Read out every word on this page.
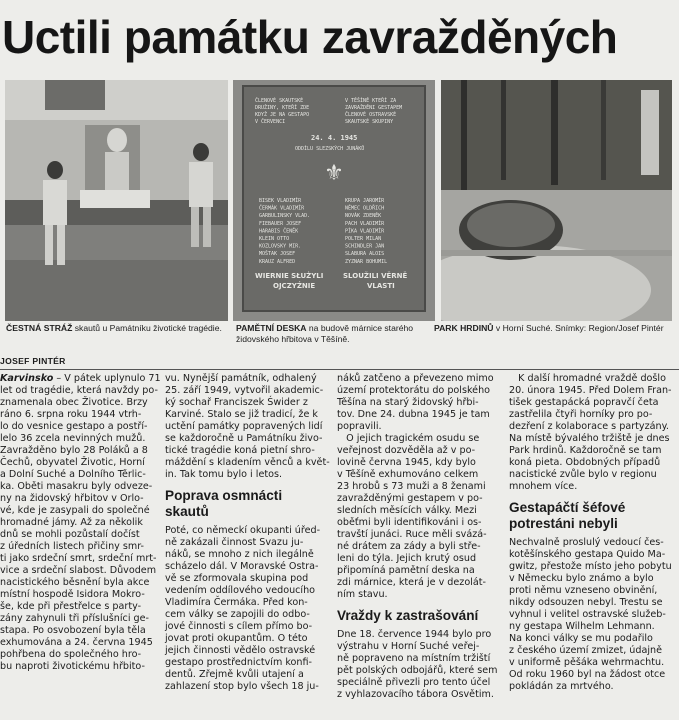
Uctili památku zavražděných
ČLENOVÉ SKAUTSKÉ	V TĚŠÍNĚ KTEŘÍ ZA
DRUŽINY, KTEŘÍ ZDE	ZAVRAŽDĚNI GESTAPEM
KDYŽ JE NA GESTAPO	ČLENOVÉ OSTRAVSKÉ
V ČERVENCI	SKAUTSKÉ SKUPINY
24. 4. 1945
ODDÍLU SLEZSKÝCH JUNÁKŮ
⚜
BISEK VLADIMÍR
ČERMÁK VLADIMÍR
GARBULINSKY VLAD.
FIEBAUER JOSEF
HARABIS ČENĚK
KLEIN OTTO
KOZLOVSKY MIR.
MOŠTAK JOSEF
KRAUZ ALFRED
KRUPA JAROMÍR
NĚMEC OLDŘICH
NOVÁK ZDENĚK
PACH VLADIMÍR
PÍKA VLADIMÍR
POLTER MILAN
SCHINDLER JAN
SLABURA ALOIS
ZYZNAR BOHUMIL
WIERNIE SŁUŻYLI
OJCZYŹNIE
SLOUŽILI VĚRNĚ
VLASTI
ČESTNÁ STRÁŽ skautů u Památníku životické tragédie.	PAMĚTNÍ DESKA na budově márnice starého
židovského hřbitova v Těšíně.
PARK HRDINŮ v Horní Suché. Snímky: Region/Josef Pintér
JOSEF PINTÉR

Karvinsko – V pátek uplynulo 71

let od tragédie, která navždy po-

znamenala obec Životice. Brzy

ráno 6. srpna roku 1944 vtrh-

lo do vesnice gestapo a postří-

lelo 36 zcela nevinných mužů.

Zavražděno bylo 28 Poláků a 8

Čechů, obyvatel Životic, Horní

a Dolní Suché a Dolního Těrlic-

ka. Oběti masakru byly odveze-

ny na židovský hřbitov v Orlo-

vé, kde je zasypali do společné

hromadné jámy. Až za několik

dnů se mohli pozůstalí dočíst

z úředních listech přičiny smr-

ti jako srdeční smrt, srdeční mrt-

vice a srdeční slabost. Důvodem

nacistického běsnění byla akce

místní hospodě Isidora Mokro-

še, kde při přestřelce s party-

zány zahynuli tři příslušníci ge-

stapa. Po osvobození byla těla

exhumována a 24. června 1945

pohřbena do společného hro-

bu naproti životickému hřbito-

vu. Nynější památník, odhalený

25. září 1949, vytvořil akademic-

ký sochař Franciszek Świder z

Karviné. Stalo se již tradicí, že k

uctění památky popravených lidí

se každoročně u Památníku živo-

tické tragédie koná pietní shro-

máždění s kladením věnců a květ-

in. Tak tomu bylo i letos.

Poprava osmnácti
skautů

Poté, co německí okupanti úřed-

ně zakázali činnost Svazu ju-

náků, se mnoho z nich ilegálně

scházelo dál. V Moravské Ostra-

vě se zformovala skupina pod

vedením oddílového vedoucího

Vladimíra Čermáka. Před kon-

cem války se zapojili do odbo-

jové činnosti s cílem přímo bo-

jovat proti okupantům. O této

jejich činnosti vědělo ostravské

gestapo prostřednictvím konfi-

dentů. Zřejmě kvůli utajení a

zahlazení stop bylo všech 18 ju-

náků zatčeno a převezeno mimo

území protektorátu do polského

Těšína na starý židovský hřbi-

tov. Dne 24. dubna 1945 je tam

popravili.

O jejich tragickém osudu se

veřejnost dozvěděla až v po-

lovině června 1945, kdy bylo

v Těšíně exhumováno celkem

23 hrobů s 73 muži a 8 ženami

zavražděnými gestapem v po-

sledních měsících války. Mezi

oběťmi byli identifikováni i os-

travští junáci. Ruce měli svázá-

né drátem za zády a byli stře-

leni do týla. Jejich krutý osud

připomíná pamětní deska na

zdi márnice, která je v dezolát-

ním stavu.

Vraždy k zastrašování

Dne 18. července 1944 bylo pro

výstrahu v Horní Suché veřej-

ně popraveno na místním tržiští

pět polských odbojářů, které sem

speciálně přivezli pro tento účel

z vyhlazovacího tábora Osvětim.

K další hromadné vraždě došlo

20. února 1945. Před Dolem Fran-

tišek gestapácká popravčí četa

zastřelila čtyři horníky pro po-

dezření z kolaborace s partyzány.

Na místě bývalého tržiště je dnes

Park hrdinů. Každoročně se tam

koná pieta. Obdobných případů

nacistické zvůle bylo v regionu

mnohem více.

Gestapáčtí šéfové
potrestáni nebyli

Nechvalně proslulý vedoucí čes-

kotěšínského gestapa Quido Ma-

gwitz, přestože místo jeho pobytu

v Německu bylo známo a bylo

proti němu vzneseno obvinění,

nikdy odsouzen nebyl. Trestu se

vyhnul i velitel ostravské služeb-

ny gestapa Wilhelm Lehmann.

Na konci války se mu podařilo

z českého území zmizet, údajně

v uniformě pěšáka wehrmachtu.

Od roku 1960 byl na žádost otce

pokládán za mrtvého.
